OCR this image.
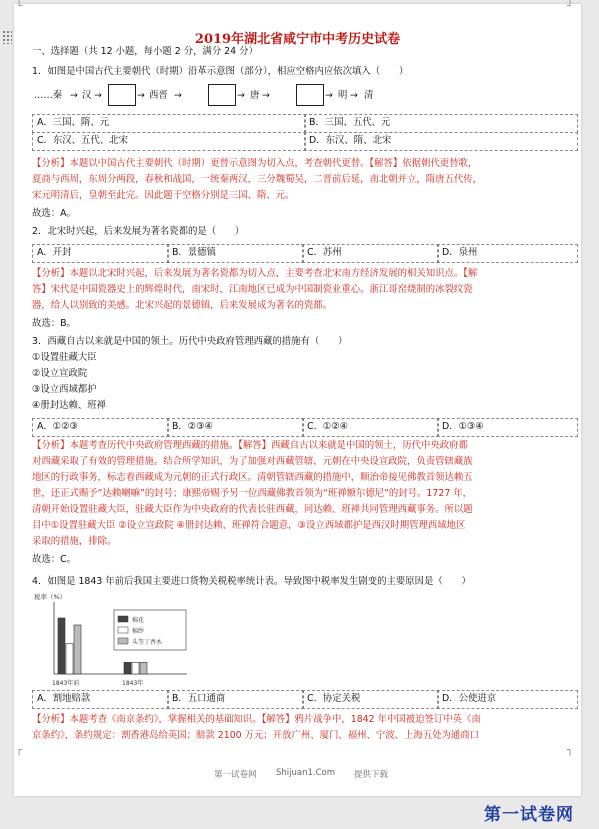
└	┘
┌	┐
2019年湖北省咸宁市中考历史试卷
一、选择题（共 12 小题，每小题 2 分，满分 24 分）
1．如图是中国古代主要朝代（时期）沿革示意图（部分），相应空格内应依次填入（　　）
……秦 → 汉 →	→ 西晋 →	→ 唐 →	→ 明 → 清
A．三国、隋、元	B．三国、五代、元
C．东汉、五代、北宋	D．东汉、隋、北宋
【分析】本题以中国古代主要朝代（时期）更替示意图为切入点，考查朝代更替。【解答】依据朝代更替歌，
夏商与西周，东周分两段，春秋和战国，一统秦两汉，三分魏蜀吴，二晋前后延，南北朝并立，隋唐五代传，
宋元明清后，皇朝至此完。因此题干空格分别是三国、隋、元。
故选：A。
2．北宋时兴起，后来发展为著名瓷都的是（　　）
A．开封	B．景德镇	C．苏州	D．泉州
【分析】本题以北宋时兴起，后来发展为著名瓷都为切入点，主要考查北宋南方经济发展的相关知识点。【解
答】宋代是中国瓷器史上的辉煌时代，南宋时，江南地区已成为中国制瓷业重心。浙江哥窑烧制的冰裂纹瓷
器，给人以别致的美感。北宋兴起的景德镇，后来发展成为著名的瓷都。
故选：B。
3．西藏自古以来就是中国的领土。历代中央政府管理西藏的措施有（　　）
①设置驻藏大臣
②设立宣政院
③设立西域都护
④册封达赖、班禅
A．①②③	B．②③④	C．①②④	D．①③④
【分析】本题考查历代中央政府管理西藏的措施。【解答】西藏自古以来就是中国的领土，历代中央政府都
对西藏采取了有效的管理措施。结合所学知识，为了加强对西藏管辖，元朝在中央设宣政院，负责管辖藏族
地区的行政事务，标志着西藏成为元朝的正式行政区。清朝管辖西藏的措施中，顺治帝接见佛教首领达赖五
世，还正式赐予“达赖喇嘛”的封号；康熙帝赐予另一位西藏佛教首领为“班禅额尔德尼”的封号。1727 年，
清朝开始设置驻藏大臣，驻藏大臣作为中央政府的代表长驻西藏，同达赖、班禅共同管理西藏事务。所以题
目中①设置驻藏大臣 ②设立宣政院 ④册封达赖、班禅符合题意，③设立西域都护是西汉时期管理西域地区
采取的措施，排除。
故选：C。
4．如图是 1843 年前后我国主要进口货物关税税率统计表。导致图中税率发生剧变的主要原因是（　　）
税率（%）
棉花
棉纱
头等丁香木
1843年前	1843年
A．割地赔款	B．五口通商	C．协定关税	D．公使进京
【分析】本题考查《南京条约》，掌握相关的基础知识。【解答】鸦片战争中，1842 年中国被迫签订中英《南
京条约》，条约规定：割香港岛给英国；赔款 2100 万元；开放广州、厦门、福州、宁波、上海五处为通商口
第一试卷网 Shijuan1.Com 提供下载
第一试卷网
